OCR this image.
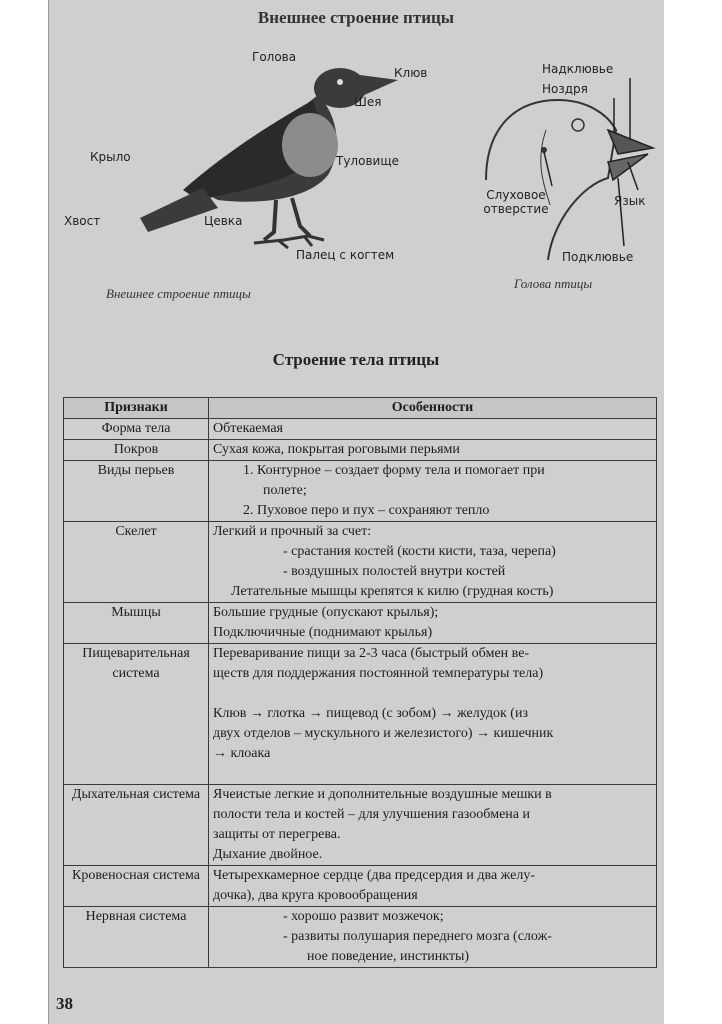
Внешнее строение птицы
Голова
Клюв
Шея
Крыло	Туловище
Хвост	Цевка
Палец с когтем
Надклювье
Ноздря
Слуховое отверстие
Язык
Подклювье
Внешнее строение птицы
Голова птицы
Строение тела птицы
Признаки	Особенности
Форма тела	Обтекаемая

Покров	Сухая кожа, покрытая роговыми перьями

Виды перьев	1. Контурное – создает форму тела и помогает при
полете;
2. Пуховое перо и пух – сохраняют тепло

Скелет	Легкий и прочный за счет:
- срастания костей (кости кисти, таза, черепа)
- воздушных полостей внутри костей
Летательные мышцы крепятся к килю (грудная кость)

Мышцы	Большие грудные (опускают крылья);
Подключичные (поднимают крылья)

Пищеварительная система	Переваривание пищи за 2-3 часа (быстрый обмен ве-
ществ для поддержания постоянной температуры тела)
Клюв → глотка → пищевод (с зобом) → желудок (из
двух отделов – мускульного и железистого) → кишечник
→ клоака

Дыхательная система	Ячеистые легкие и дополнительные воздушные мешки в
полости тела и костей – для улучшения газообмена и
защиты от перегрева.
Дыхание двойное.

Кровеносная система	Четырехкамерное сердце (два предсердия и два желу-
дочка), два круга кровообращения

Нервная система	- хорошо развит мозжечок;
- развиты полушария переднего мозга (слож-
ное поведение, инстинкты)
38
